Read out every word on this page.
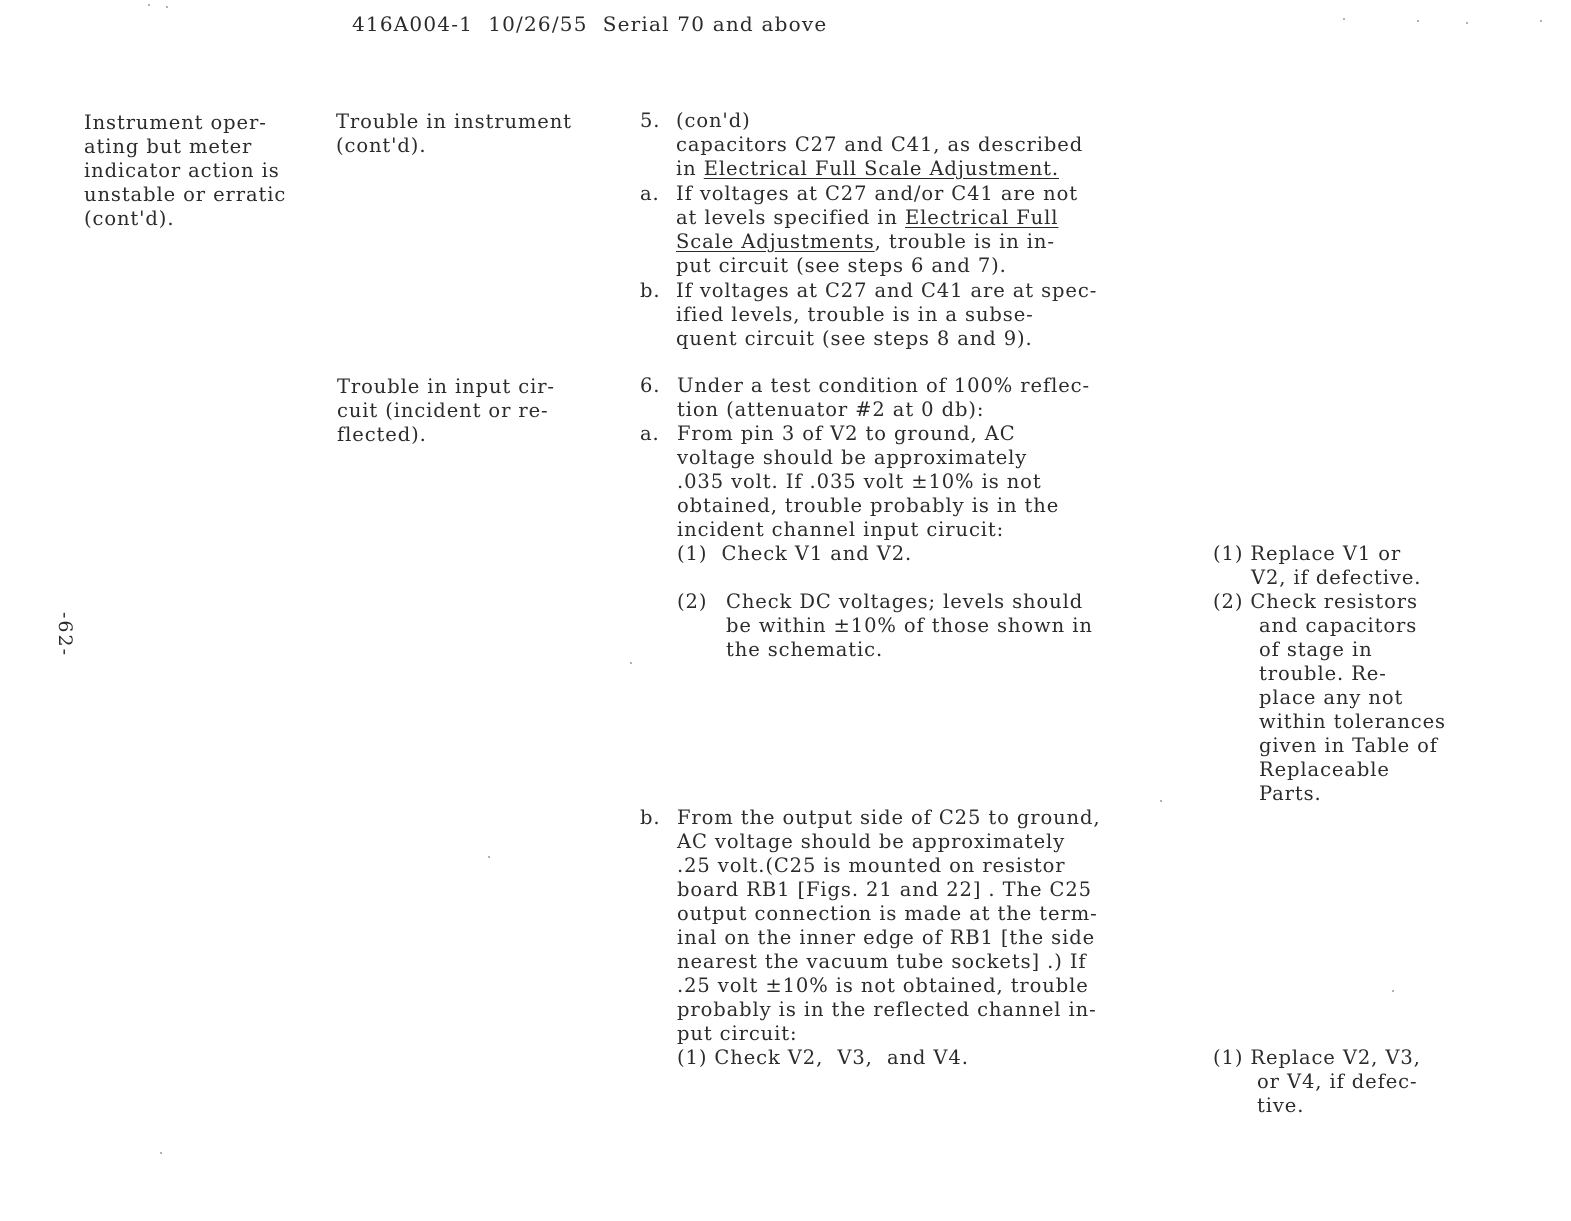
416A004-1  10/26/55  Serial 70 and above
-62-
Instrument oper-
ating but meter
indicator action is
unstable or erratic
(cont'd).
Trouble in instrument
(cont'd).
Trouble in input cir-
cuit (incident or re-
flected).
5. (con'd)
capacitors C27 and C41, as described
in Electrical Full Scale Adjustment.
a. If voltages at C27 and/or C41 are not
at levels specified in Electrical Full
Scale Adjustments, trouble is in in-
put circuit (see steps 6 and 7).
b. If voltages at C27 and C41 are at spec-
ified levels, trouble is in a subse-
quent circuit (see steps 8 and 9).
6. Under a test condition of 100% reflec-
tion (attenuator #2 at 0 db):
a. From pin 3 of V2 to ground, AC
voltage should be approximately
.035 volt. If .035 volt ±10% is not
obtained, trouble probably is in the
incident channel input cirucit:
(1)  Check V1 and V2.
(2) Check DC voltages; levels should
be within ±10% of those shown in
the schematic.
b. From the output side of C25 to ground,
AC voltage should be approximately
.25 volt.(C25 is mounted on resistor
board RB1 [Figs. 21 and 22] . The C25
output connection is made at the term-
inal on the inner edge of RB1 [the side
nearest the vacuum tube sockets] .) If
.25 volt ±10% is not obtained, trouble
probably is in the reflected channel in-
put circuit:
(1) Check V2,  V3,  and V4.
(1) Replace V1 or
V2, if defective.
(2) Check resistors
and capacitors
of stage in
trouble. Re-
place any not
within tolerances
given in Table of
Replaceable
Parts.
(1) Replace V2, V3,
or V4, if defec-
tive.
